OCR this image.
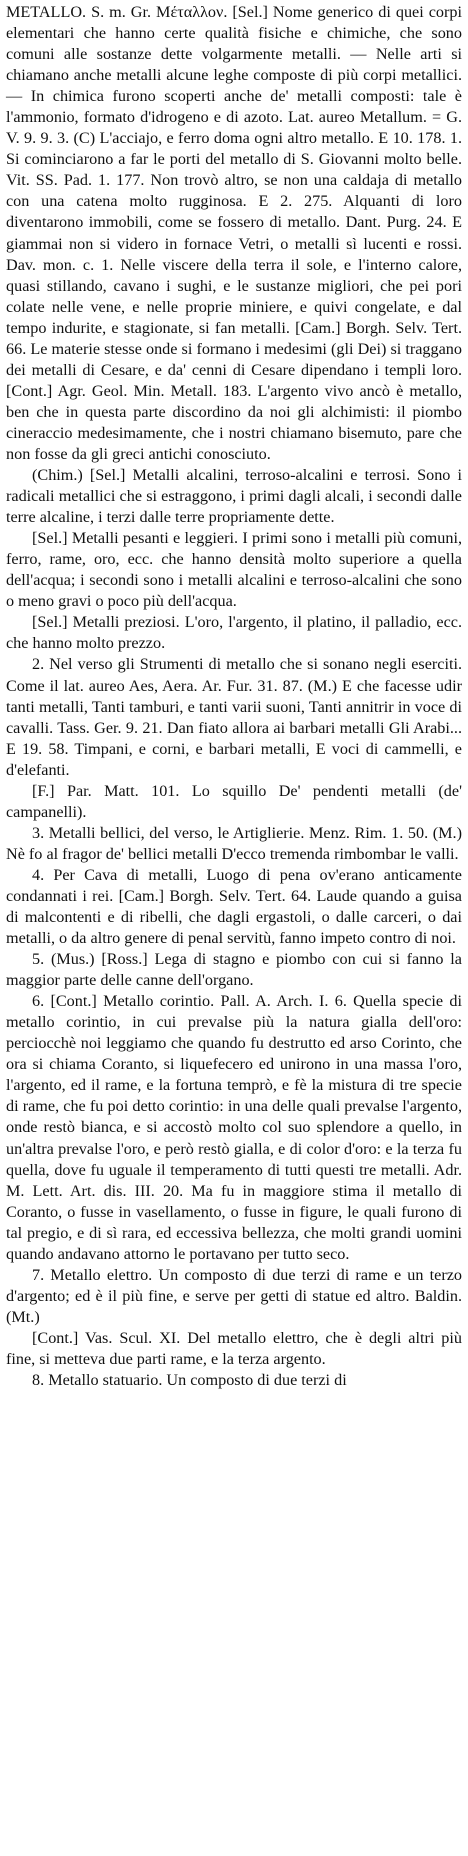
METALLO. S. m. Gr. Μέταλλον. [Sel.] Nome generico di quei corpi elementari che hanno certe qualità fisiche e chimiche, che sono comuni alle sostanze dette volgarmente metalli. — Nelle arti si chiamano anche metalli alcune leghe composte di più corpi metallici. — In chimica furono scoperti anche de' metalli composti: tale è l'ammonio, formato d'idrogeno e di azoto. Lat. aureo Metallum. = G. V. 9. 9. 3. (C) L'acciajo, e ferro doma ogni altro metallo. E 10. 178. 1. Si cominciarono a far le porti del metallo di S. Giovanni molto belle. Vit. SS. Pad. 1. 177. Non trovò altro, se non una caldaja di metallo con una catena molto rugginosa. E 2. 275. Alquanti di loro diventarono immobili, come se fossero di metallo. Dant. Purg. 24. E giammai non si videro in fornace Vetri, o metalli sì lucenti e rossi. Dav. mon. c. 1. Nelle viscere della terra il sole, e l'interno calore, quasi stillando, cavano i sughi, e le sustanze migliori, che pei pori colate nelle vene, e nelle proprie miniere, e quivi congelate, e dal tempo indurite, e stagionate, si fan metalli. [Cam.] Borgh. Selv. Tert. 66. Le materie stesse onde si formano i medesimi (gli Dei) si traggano dei metalli di Cesare, e da' cenni di Cesare dipendano i templi loro. [Cont.] Agr. Geol. Min. Metall. 183. L'argento vivo ancò è metallo, ben che in questa parte discordino da noi gli alchimisti: il piombo cineraccio medesimamente, che i nostri chiamano bisemuto, pare che non fosse da gli greci antichi conosciuto.
(Chim.) [Sel.] Metalli alcalini, terroso-alcalini e terrosi. Sono i radicali metallici che si estraggono, i primi dagli alcali, i secondi dalle terre alcaline, i terzi dalle terre propriamente dette.
[Sel.] Metalli pesanti e leggieri. I primi sono i metalli più comuni, ferro, rame, oro, ecc. che hanno densità molto superiore a quella dell'acqua; i secondi sono i metalli alcalini e terroso-alcalini che sono o meno gravi o poco più dell'acqua.
[Sel.] Metalli preziosi. L'oro, l'argento, il platino, il palladio, ecc. che hanno molto prezzo.
2. Nel verso gli Strumenti di metallo che si sonano negli eserciti. Come il lat. aureo Aes, Aera. Ar. Fur. 31. 87. (M.) E che facesse udir tanti metalli, Tanti tamburi, e tanti varii suoni, Tanti annitrir in voce di cavalli. Tass. Ger. 9. 21. Dan fiato allora ai barbari metalli Gli Arabi... E 19. 58. Timpani, e corni, e barbari metalli, E voci di cammelli, e d'elefanti.
[F.] Par. Matt. 101. Lo squillo De' pendenti metalli (de' campanelli).
3. Metalli bellici, del verso, le Artiglierie. Menz. Rim. 1. 50. (M.) Nè fo al fragor de' bellici metalli D'ecco tremenda rimbombar le valli.
4. Per Cava di metalli, Luogo di pena ov'erano anticamente condannati i rei. [Cam.] Borgh. Selv. Tert. 64. Laude quando a guisa di malcontenti e di ribelli, che dagli ergastoli, o dalle carceri, o dai metalli, o da altro genere di penal servitù, fanno impeto contro di noi.
5. (Mus.) [Ross.] Lega di stagno e piombo con cui si fanno la maggior parte delle canne dell'organo.
6. [Cont.] Metallo corintio. Pall. A. Arch. I. 6. Quella specie di metallo corintio, in cui prevalse più la natura gialla dell'oro: perciocchè noi leggiamo che quando fu destrutto ed arso Corinto, che ora si chiama Coranto, si liquefecero ed unirono in una massa l'oro, l'argento, ed il rame, e la fortuna temprò, e fè la mistura di tre specie di rame, che fu poi detto corintio: in una delle quali prevalse l'argento, onde restò bianca, e si accostò molto col suo splendore a quello, in un'altra prevalse l'oro, e però restò gialla, e di color d'oro: e la terza fu quella, dove fu uguale il temperamento di tutti questi tre metalli. Adr. M. Lett. Art. dis. III. 20. Ma fu in maggiore stima il metallo di Coranto, o fusse in vasellamento, o fusse in figure, le quali furono di tal pregio, e di sì rara, ed eccessiva bellezza, che molti grandi uomini quando andavano attorno le portavano per tutto seco.
7. Metallo elettro. Un composto di due terzi di rame e un terzo d'argento; ed è il più fine, e serve per getti di statue ed altro. Baldin. (Mt.)
[Cont.] Vas. Scul. XI. Del metallo elettro, che è degli altri più fine, si metteva due parti rame, e la terza argento.
8. Metallo statuario. Un composto di due terzi di
